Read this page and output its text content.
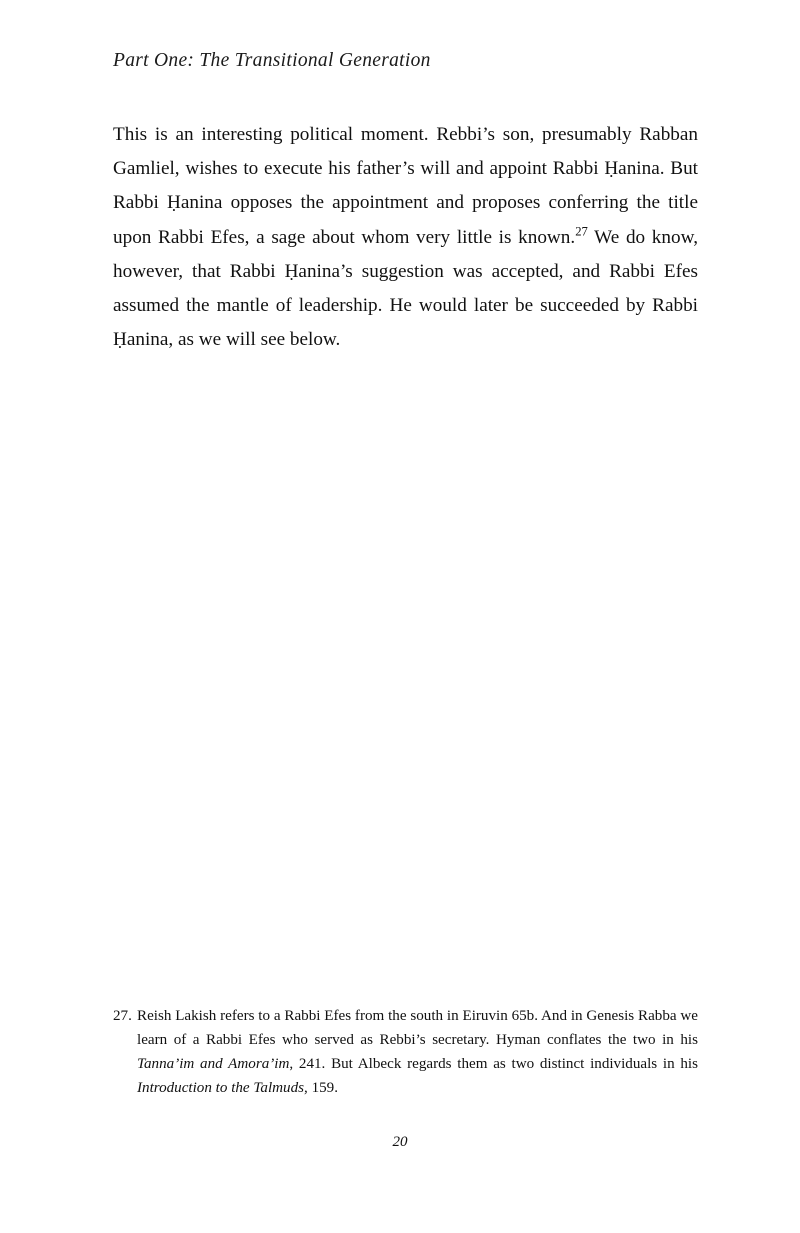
Part One: The Transitional Generation

This is an interesting political moment. Rebbi’s son, presumably Rabban Gamliel, wishes to execute his father’s will and appoint Rabbi Ḥanina. But Rabbi Ḥanina opposes the appointment and proposes conferring the title upon Rabbi Efes, a sage about whom very little is known.$^{27}$ We do know, however, that Rabbi Ḥanina’s suggestion was accepted, and Rabbi Efes assumed the mantle of leadership. He would later be succeeded by Rabbi Ḥanina, as we will see below.

27. Reish Lakish refers to a Rabbi Efes from the south in Eiruvin 65b. And in Genesis Rabba we learn of a Rabbi Efes who served as Rebbi’s secretary. Hyman conflates the two in his Tanna’im and Amora’im, 241. But Albeck regards them as two distinct individuals in his Introduction to the Talmuds, 159.
20
